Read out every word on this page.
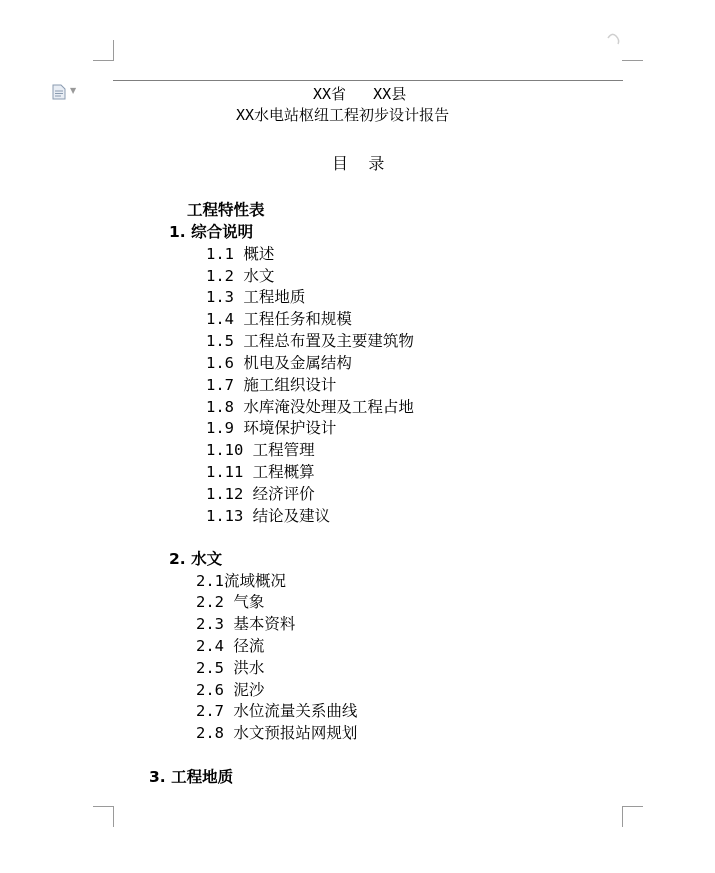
▼	XX省   XX县
XX水电站枢纽工程初步设计报告
目    录
工程特性表
1. 综合说明
1.1 概述
1.2 水文
1.3 工程地质
1.4 工程任务和规模
1.5 工程总布置及主要建筑物
1.6 机电及金属结构
1.7 施工组织设计
1.8 水库淹没处理及工程占地
1.9 环境保护设计
1.10 工程管理
1.11 工程概算
1.12 经济评价
1.13 结论及建议
2. 水文
2.1流域概况
2.2 气象
2.3 基本资料
2.4 径流
2.5 洪水
2.6 泥沙
2.7 水位流量关系曲线
2.8 水文预报站网规划
3. 工程地质
